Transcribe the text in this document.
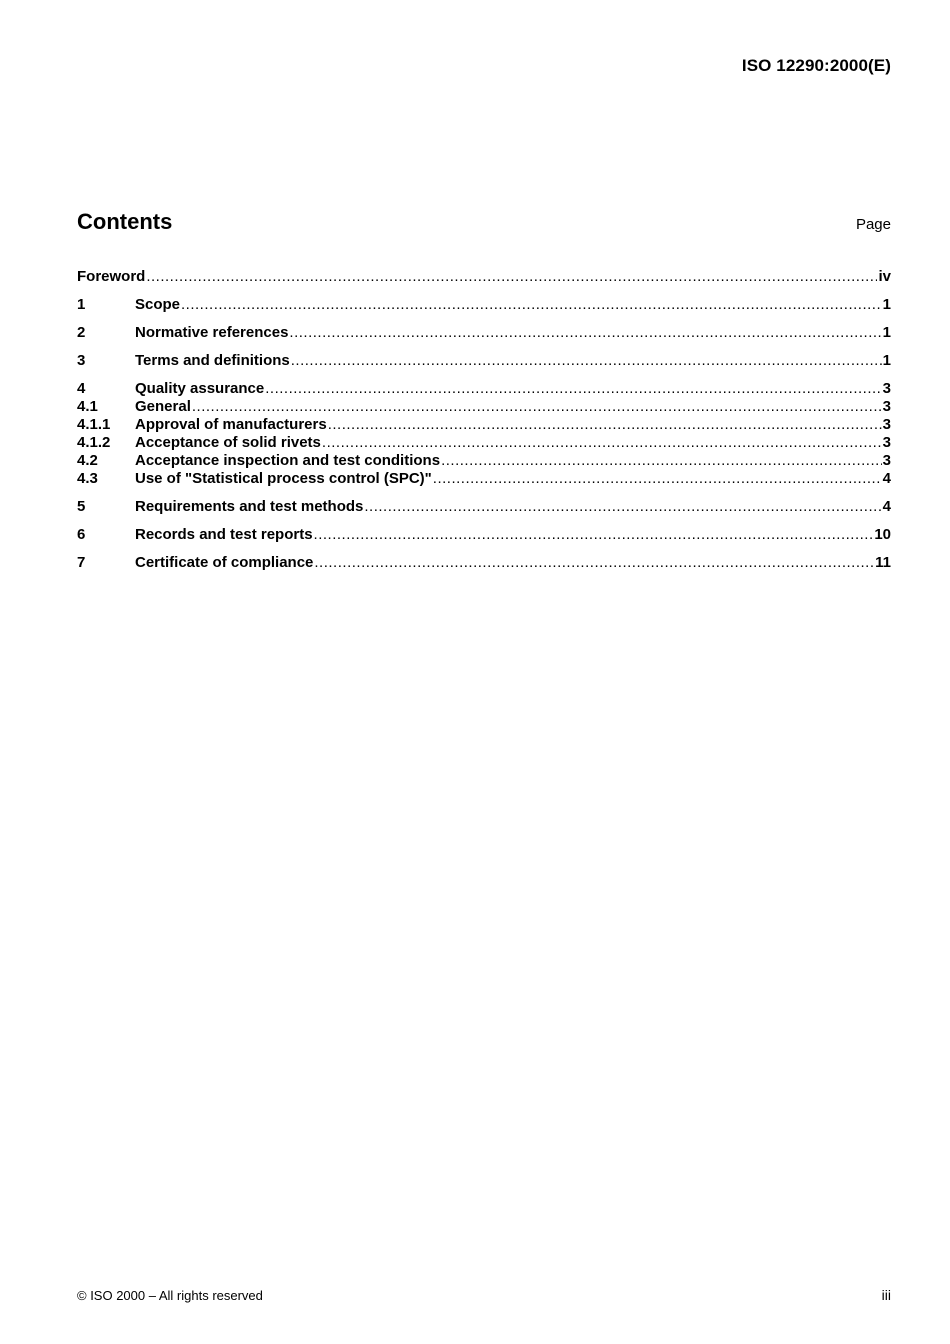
ISO 12290:2000(E)
Contents	Page
Foreword .....	iv
1	Scope .....	1
2	Normative references .....	1
3	Terms and definitions .....	1
4	Quality assurance .....	3
4.1	General .....	3
4.1.1	Approval of manufacturers .....	3
4.1.2	Acceptance of solid rivets .....	3
4.2	Acceptance inspection and test conditions .....	3
4.3	Use of "Statistical process control (SPC)" .....	4
5	Requirements and test methods .....	4
6	Records and test reports .....	10
7	Certificate of compliance .....	11
© ISO 2000 – All rights reserved	iii
